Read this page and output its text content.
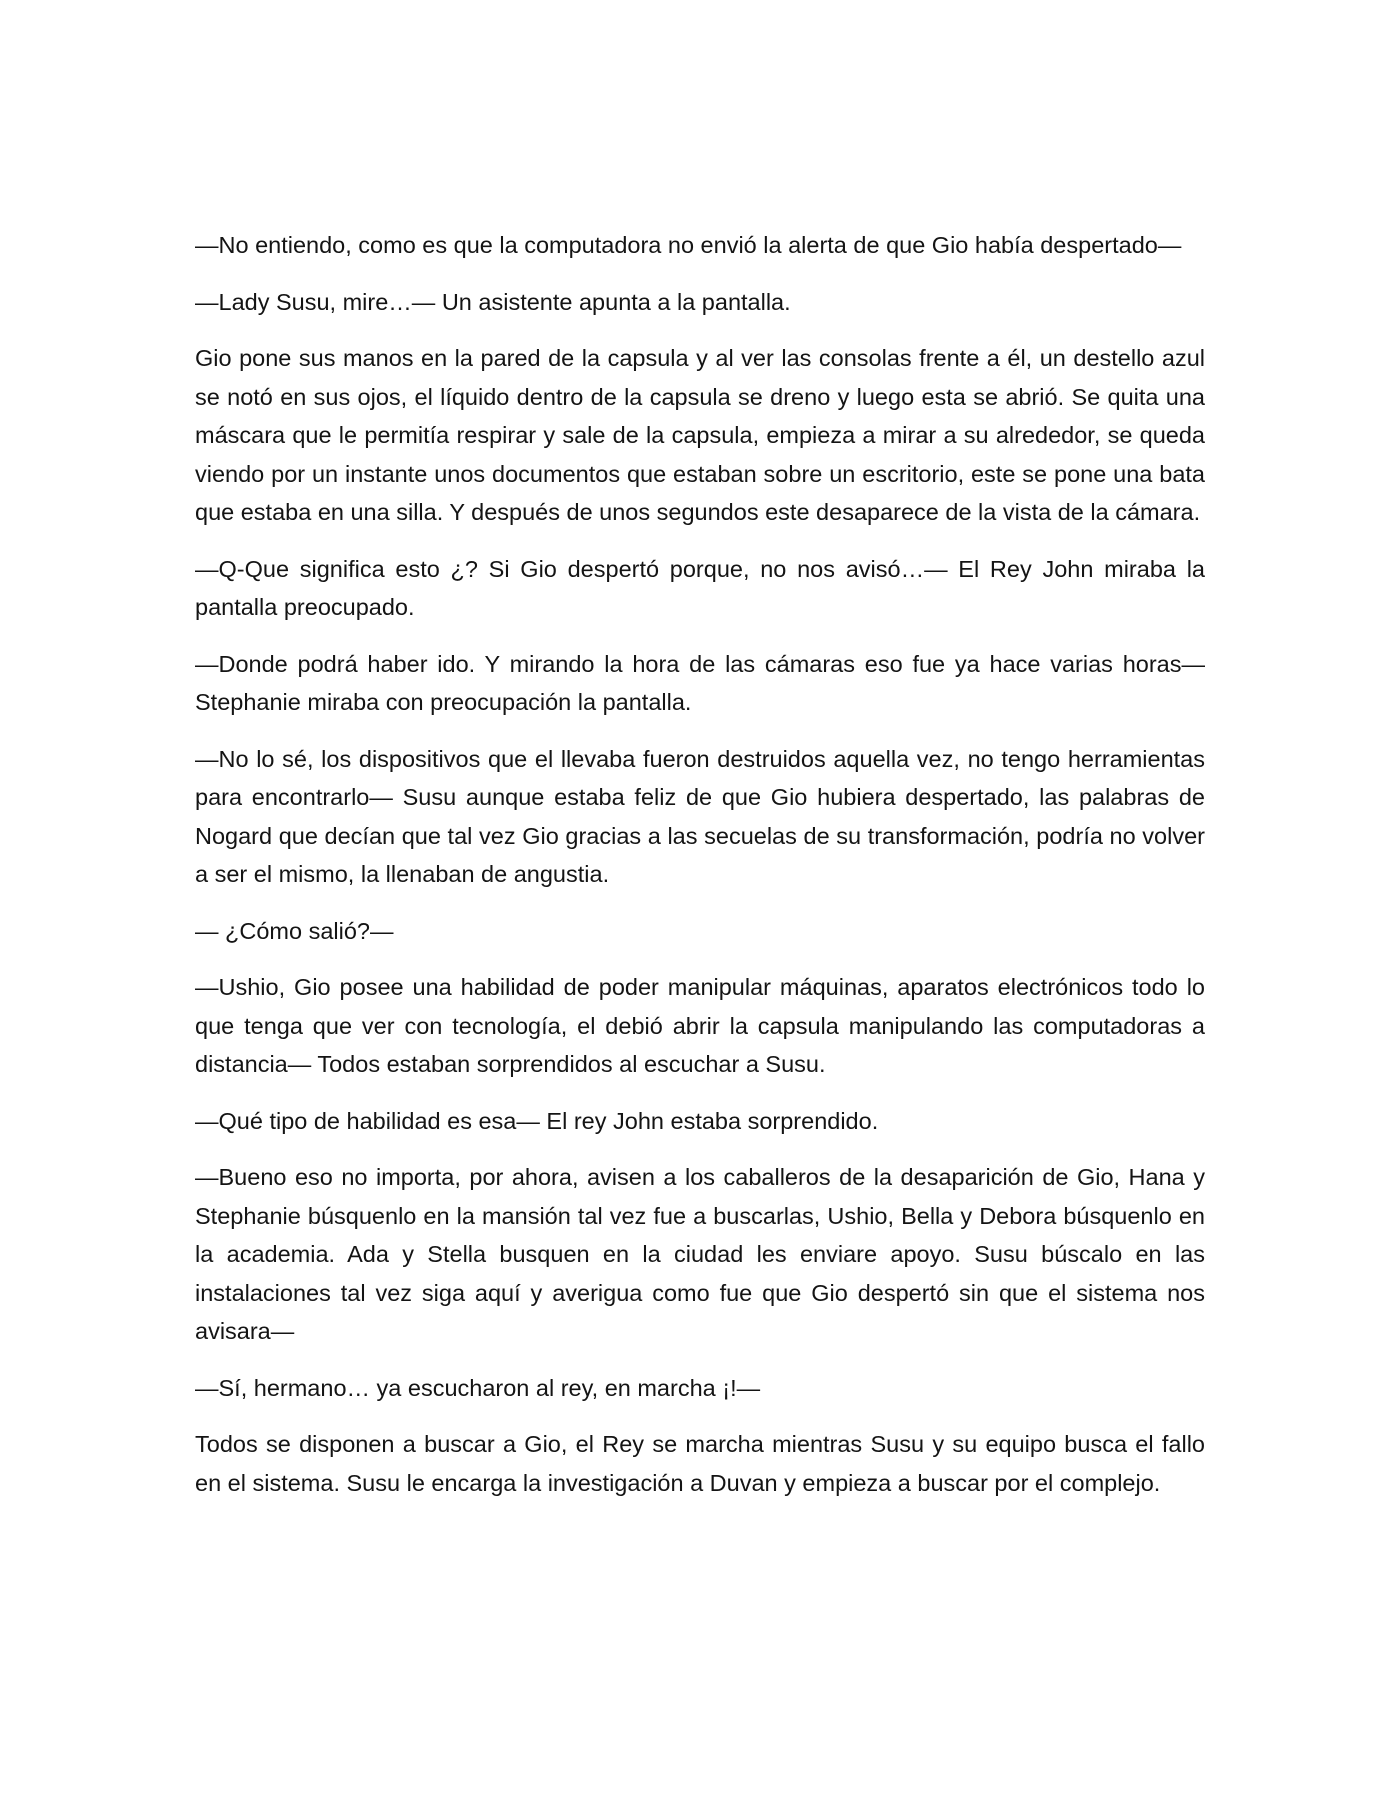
—No entiendo, como es que la computadora no envió la alerta de que Gio había despertado—

—Lady Susu, mire…— Un asistente apunta a la pantalla.

Gio pone sus manos en la pared de la capsula y al ver las consolas frente a él, un destello azul se notó en sus ojos, el líquido dentro de la capsula se dreno y luego esta se abrió. Se quita una máscara que le permitía respirar y sale de la capsula, empieza a mirar a su alrededor, se queda viendo por un instante unos documentos que estaban sobre un escritorio, este se pone una bata que estaba en una silla. Y después de unos segundos este desaparece de la vista de la cámara.

—Q-Que significa esto ¿? Si Gio despertó porque, no nos avisó…— El Rey John miraba la pantalla preocupado.

—Donde podrá haber ido. Y mirando la hora de las cámaras eso fue ya hace varias horas— Stephanie miraba con preocupación la pantalla.

—No lo sé, los dispositivos que el llevaba fueron destruidos aquella vez, no tengo herramientas para encontrarlo— Susu aunque estaba feliz de que Gio hubiera despertado, las palabras de Nogard que decían que tal vez Gio gracias a las secuelas de su transformación, podría no volver a ser el mismo, la llenaban de angustia.

— ¿Cómo salió?—

—Ushio, Gio posee una habilidad de poder manipular máquinas, aparatos electrónicos todo lo que tenga que ver con tecnología, el debió abrir la capsula manipulando las computadoras a distancia— Todos estaban sorprendidos al escuchar a Susu.

—Qué tipo de habilidad es esa— El rey John estaba sorprendido.

—Bueno eso no importa, por ahora, avisen a los caballeros de la desaparición de Gio, Hana y Stephanie búsquenlo en la mansión tal vez fue a buscarlas, Ushio, Bella y Debora búsquenlo en la academia. Ada y Stella busquen en la ciudad les enviare apoyo. Susu búscalo en las instalaciones tal vez siga aquí y averigua como fue que Gio despertó sin que el sistema nos avisara—

—Sí, hermano… ya escucharon al rey, en marcha ¡!—

Todos se disponen a buscar a Gio, el Rey se marcha mientras Susu y su equipo busca el fallo en el sistema. Susu le encarga la investigación a Duvan y empieza a buscar por el complejo.
